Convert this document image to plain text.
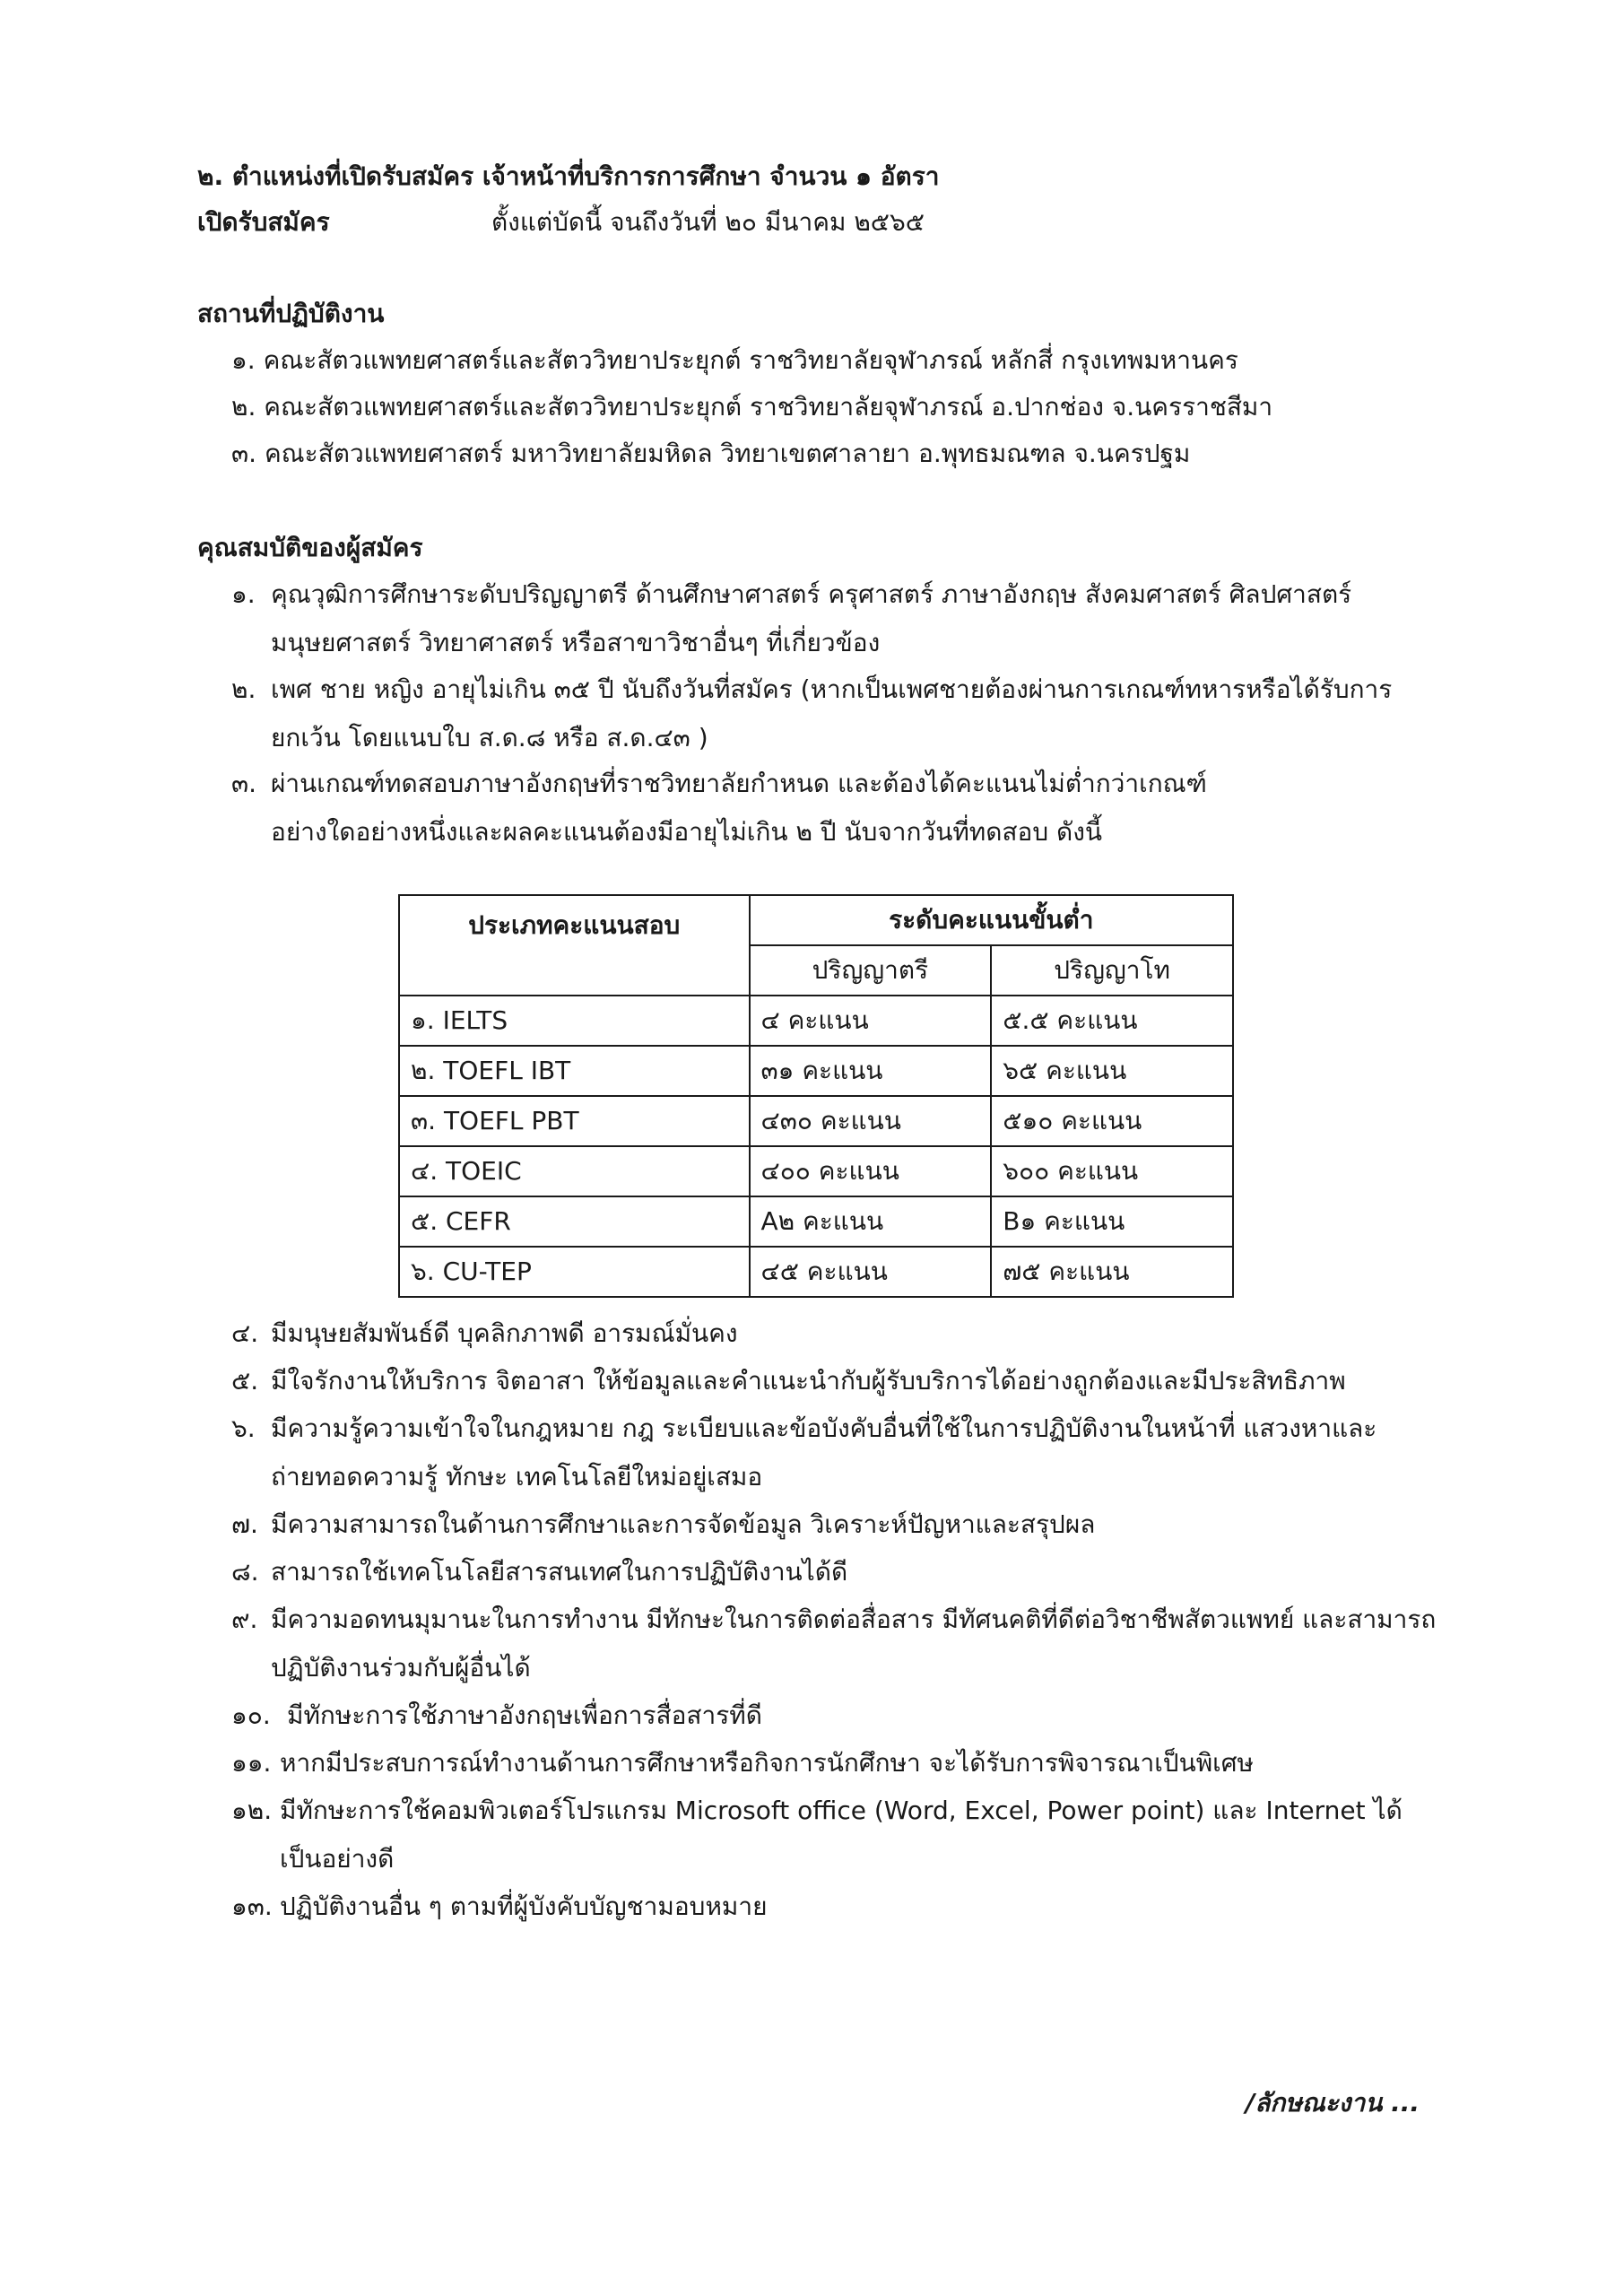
๒. ตำแหน่งที่เปิดรับสมัคร เจ้าหน้าที่บริการการศึกษา จำนวน ๑ อัตรา
เปิดรับสมัคร	ตั้งแต่บัดนี้ จนถึงวันที่ ๒๐ มีนาคม ๒๕๖๕
สถานที่ปฏิบัติงาน
๑. คณะสัตวแพทยศาสตร์และสัตววิทยาประยุกต์ ราชวิทยาลัยจุฬาภรณ์ หลักสี่ กรุงเทพมหานคร
๒. คณะสัตวแพทยศาสตร์และสัตววิทยาประยุกต์ ราชวิทยาลัยจุฬาภรณ์ อ.ปากช่อง จ.นครราชสีมา
๓. คณะสัตวแพทยศาสตร์ มหาวิทยาลัยมหิดล วิทยาเขตศาลายา อ.พุทธมณฑล จ.นครปฐม
คุณสมบัติของผู้สมัคร
๑. คุณวุฒิการศึกษาระดับปริญญาตรี ด้านศึกษาศาสตร์ ครุศาสตร์ ภาษาอังกฤษ สังคมศาสตร์ ศิลปศาสตร์
มนุษยศาสตร์ วิทยาศาสตร์ หรือสาขาวิชาอื่นๆ ที่เกี่ยวข้อง
๒. เพศ ชาย หญิง อายุไม่เกิน ๓๕ ปี นับถึงวันที่สมัคร (หากเป็นเพศชายต้องผ่านการเกณฑ์ทหารหรือได้รับการ
ยกเว้น โดยแนบใบ ส.ด.๘ หรือ ส.ด.๔๓ )
๓. ผ่านเกณฑ์ทดสอบภาษาอังกฤษที่ราชวิทยาลัยกำหนด และต้องได้คะแนนไม่ต่ำกว่าเกณฑ์
อย่างใดอย่างหนึ่งและผลคะแนนต้องมีอายุไม่เกิน ๒ ปี นับจากวันที่ทดสอบ ดังนี้
ประเภทคะแนนสอบ	ระดับคะแนนขั้นต่ำ	
	ปริญญาตรี	ปริญญาโท
๑. IELTS	๔ คะแนน	๕.๕ คะแนน
๒. TOEFL IBT	๓๑ คะแนน	๖๕ คะแนน
๓. TOEFL PBT	๔๓๐ คะแนน	๕๑๐ คะแนน
๔. TOEIC	๔๐๐ คะแนน	๖๐๐ คะแนน
๕. CEFR	A๒ คะแนน	B๑ คะแนน
๖. CU-TEP	๔๕ คะแนน	๗๕ คะแนน
๔. มีมนุษยสัมพันธ์ดี บุคลิกภาพดี อารมณ์มั่นคง
๕. มีใจรักงานให้บริการ จิตอาสา ให้ข้อมูลและคำแนะนำกับผู้รับบริการได้อย่างถูกต้องและมีประสิทธิภาพ
๖. มีความรู้ความเข้าใจในกฎหมาย กฎ ระเบียบและข้อบังคับอื่นที่ใช้ในการปฏิบัติงานในหน้าที่ แสวงหาและ
ถ่ายทอดความรู้ ทักษะ เทคโนโลยีใหม่อยู่เสมอ
๗. มีความสามารถในด้านการศึกษาและการจัดข้อมูล วิเคราะห์ปัญหาและสรุปผล
๘. สามารถใช้เทคโนโลยีสารสนเทศในการปฏิบัติงานได้ดี
๙. มีความอดทนมุมานะในการทำงาน มีทักษะในการติดต่อสื่อสาร มีทัศนคติที่ดีต่อวิชาชีพสัตวแพทย์ และสามารถ
ปฏิบัติงานร่วมกับผู้อื่นได้
๑๐. มีทักษะการใช้ภาษาอังกฤษเพื่อการสื่อสารที่ดี
๑๑. หากมีประสบการณ์ทำงานด้านการศึกษาหรือกิจการนักศึกษา จะได้รับการพิจารณาเป็นพิเศษ
๑๒. มีทักษะการใช้คอมพิวเตอร์โปรแกรม Microsoft office (Word, Excel, Power point) และ Internet ได้
เป็นอย่างดี
๑๓. ปฏิบัติงานอื่น ๆ ตามที่ผู้บังคับบัญชามอบหมาย
/ลักษณะงาน ...
